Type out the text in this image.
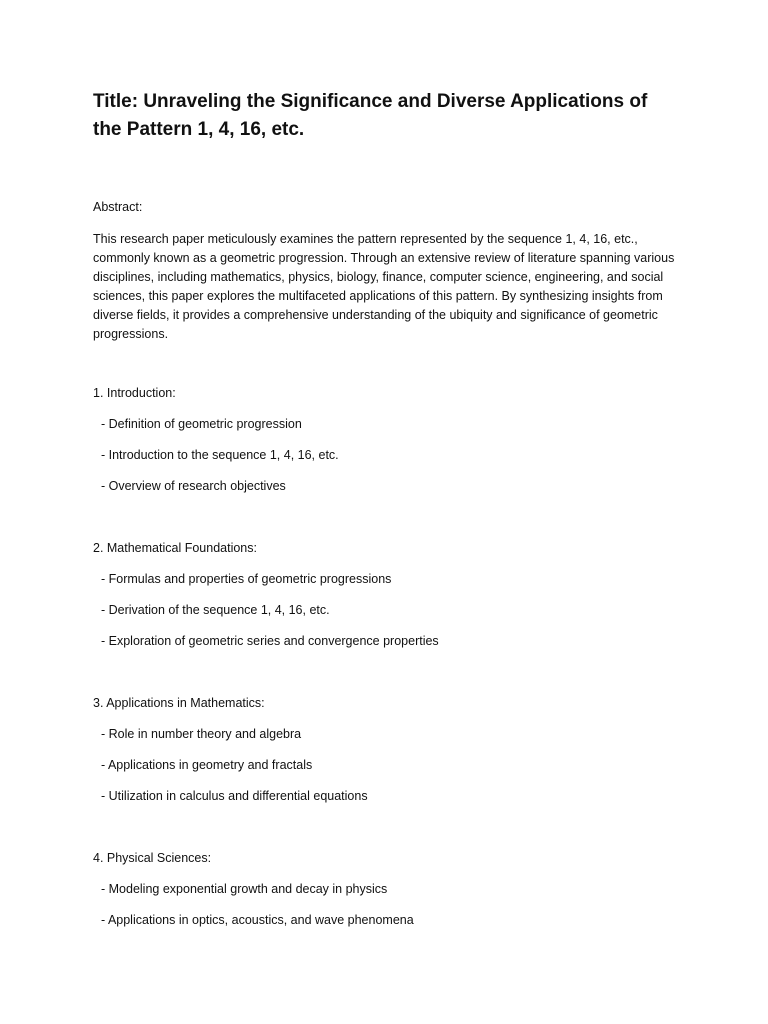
Title: Unraveling the Significance and Diverse Applications of the Pattern 1, 4, 16, etc.

Abstract:

This research paper meticulously examines the pattern represented by the sequence 1, 4, 16, etc., commonly known as a geometric progression. Through an extensive review of literature spanning various disciplines, including mathematics, physics, biology, finance, computer science, engineering, and social sciences, this paper explores the multifaceted applications of this pattern. By synthesizing insights from diverse fields, it provides a comprehensive understanding of the ubiquity and significance of geometric progressions.

1. Introduction:

- Definition of geometric progression

- Introduction to the sequence 1, 4, 16, etc.

- Overview of research objectives

2. Mathematical Foundations:

- Formulas and properties of geometric progressions

- Derivation of the sequence 1, 4, 16, etc.

- Exploration of geometric series and convergence properties

3. Applications in Mathematics:

- Role in number theory and algebra

- Applications in geometry and fractals

- Utilization in calculus and differential equations

4. Physical Sciences:

- Modeling exponential growth and decay in physics

- Applications in optics, acoustics, and wave phenomena
